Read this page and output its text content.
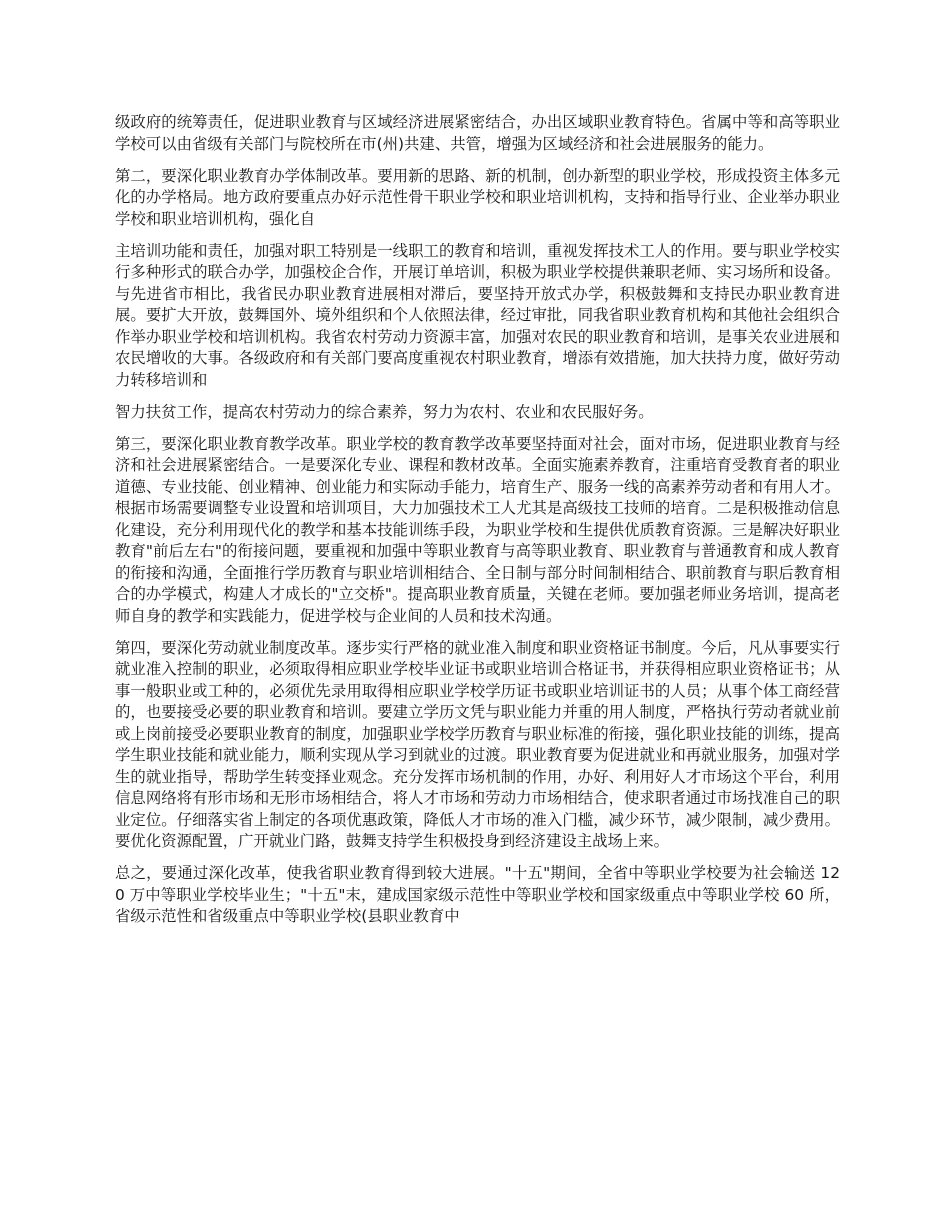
级政府的统筹责任，促进职业教育与区域经济进展紧密结合，办出区域职业教育特色。省属中等和高等职业学校可以由省级有关部门与院校所在市(州)共建、共管，增强为区域经济和社会进展服务的能力。

第二，要深化职业教育办学体制改革。要用新的思路、新的机制，创办新型的职业学校，形成投资主体多元化的办学格局。地方政府要重点办好示范性骨干职业学校和职业培训机构，支持和指导行业、企业举办职业学校和职业培训机构，强化自

主培训功能和责任，加强对职工特别是一线职工的教育和培训，重视发挥技术工人的作用。要与职业学校实行多种形式的联合办学，加强校企合作，开展订单培训，积极为职业学校提供兼职老师、实习场所和设备。与先进省市相比，我省民办职业教育进展相对滞后，要坚持开放式办学，积极鼓舞和支持民办职业教育进展。要扩大开放，鼓舞国外、境外组织和个人依照法律，经过审批，同我省职业教育机构和其他社会组织合作举办职业学校和培训机构。我省农村劳动力资源丰富，加强对农民的职业教育和培训，是事关农业进展和农民增收的大事。各级政府和有关部门要高度重视农村职业教育，增添有效措施，加大扶持力度，做好劳动力转移培训和

智力扶贫工作，提高农村劳动力的综合素养，努力为农村、农业和农民服好务。

第三，要深化职业教育教学改革。职业学校的教育教学改革要坚持面对社会，面对市场，促进职业教育与经济和社会进展紧密结合。一是要深化专业、课程和教材改革。全面实施素养教育，注重培育受教育者的职业道德、专业技能、创业精神、创业能力和实际动手能力，培育生产、服务一线的高素养劳动者和有用人才。根据市场需要调整专业设置和培训项目，大力加强技术工人尤其是高级技工技师的培育。二是积极推动信息化建设，充分利用现代化的教学和基本技能训练手段，为职业学校和生提供优质教育资源。三是解决好职业教育"前后左右"的衔接问题，要重视和加强中等职业教育与高等职业教育、职业教育与普通教育和成人教育的衔接和沟通，全面推行学历教育与职业培训相结合、全日制与部分时间制相结合、职前教育与职后教育相合的办学模式，构建人才成长的"立交桥"。提高职业教育质量，关键在老师。要加强老师业务培训，提高老师自身的教学和实践能力，促进学校与企业间的人员和技术沟通。

第四，要深化劳动就业制度改革。逐步实行严格的就业准入制度和职业资格证书制度。今后，凡从事要实行就业准入控制的职业，必须取得相应职业学校毕业证书或职业培训合格证书，并获得相应职业资格证书；从事一般职业或工种的，必须优先录用取得相应职业学校学历证书或职业培训证书的人员；从事个体工商经营的，也要接受必要的职业教育和培训。要建立学历文凭与职业能力并重的用人制度，严格执行劳动者就业前或上岗前接受必要职业教育的制度，加强职业学校学历教育与职业标准的衔接，强化职业技能的训练，提高学生职业技能和就业能力，顺利实现从学习到就业的过渡。职业教育要为促进就业和再就业服务，加强对学生的就业指导，帮助学生转变择业观念。充分发挥市场机制的作用，办好、利用好人才市场这个平台，利用信息网络将有形市场和无形市场相结合，将人才市场和劳动力市场相结合，使求职者通过市场找准自己的职业定位。仔细落实省上制定的各项优惠政策，降低人才市场的准入门槛，减少环节，减少限制，减少费用。要优化资源配置，广开就业门路，鼓舞支持学生积极投身到经济建设主战场上来。

总之，要通过深化改革，使我省职业教育得到较大进展。"十五"期间，全省中等职业学校要为社会输送 120 万中等职业学校毕业生；"十五"末，建成国家级示范性中等职业学校和国家级重点中等职业学校 60 所，省级示范性和省级重点中等职业学校(县职业教育中
